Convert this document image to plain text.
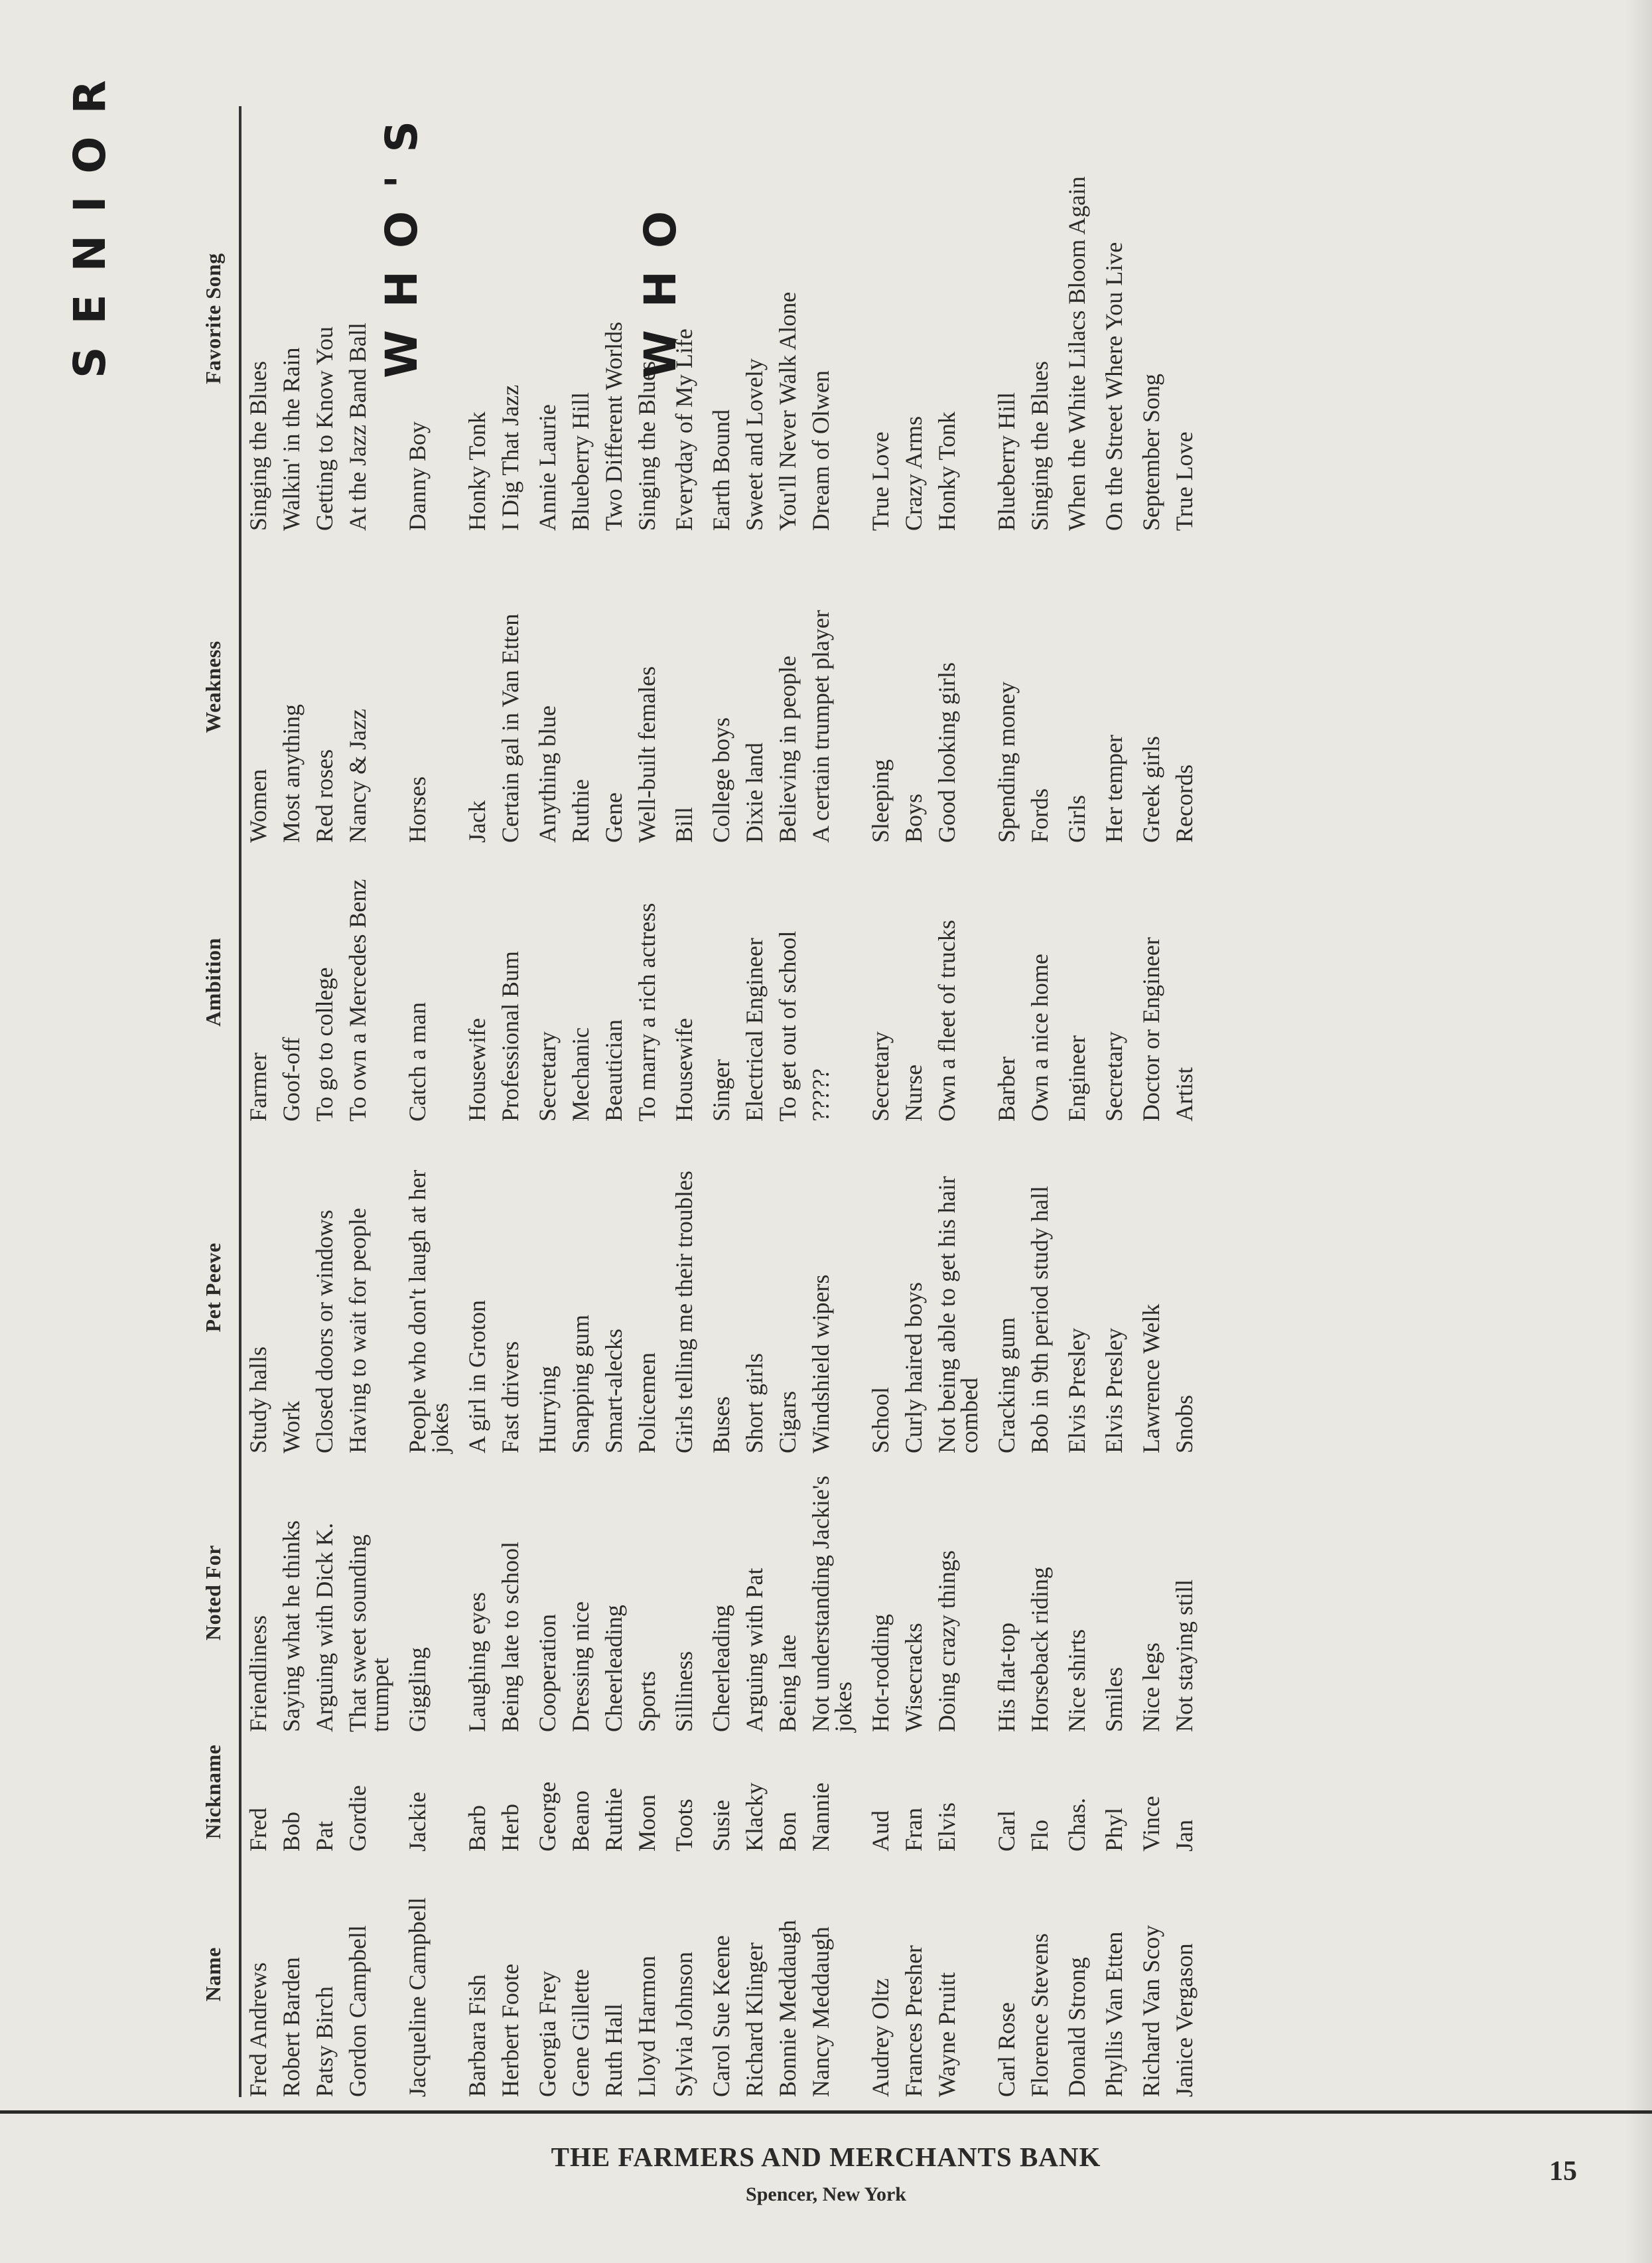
Name	Nickname	Noted For	Pet Peeve	Ambition	Weakness	Favorite Song
Fred Andrews	Fred	Friendliness	Study halls	Farmer	Women	Singing the Blues
Robert Barden	Bob	Saying what he thinks	Work	Goof-off	Most anything	Walkin' in the Rain
Patsy Birch	Pat	Arguing with Dick K.	Closed doors or windows	To go to college	Red roses	Getting to Know You
Gordon Campbell	Gordie	That sweet sounding trumpet	Having to wait for people	To own a Mercedes Benz	Nancy & Jazz	At the Jazz Band Ball
Jacqueline Campbell	Jackie	Giggling	People who don't laugh at her jokes	Catch a man	Horses	Danny Boy
Barbara Fish	Barb	Laughing eyes	A girl in Groton	Housewife	Jack	Honky Tonk
Herbert Foote	Herb	Being late to school	Fast drivers	Professional Bum	Certain gal in Van Etten	I Dig That Jazz
Georgia Frey	George	Cooperation	Hurrying	Secretary	Anything blue	Annie Laurie
Gene Gillette	Beano	Dressing nice	Snapping gum	Mechanic	Ruthie	Blueberry Hill
Ruth Hall	Ruthie	Cheerleading	Smart-alecks	Beautician	Gene	Two Different Worlds
Lloyd Harmon	Moon	Sports	Policemen	To marry a rich actress	Well-built females	Singing the Blues
Sylvia Johnson	Toots	Silliness	Girls telling me their troubles	Housewife	Bill	Everyday of My Life
Carol Sue Keene	Susie	Cheerleading	Buses	Singer	College boys	Earth Bound
Richard Klinger	Klacky	Arguing with Pat	Short girls	Electrical Engineer	Dixie land	Sweet and Lovely
Bonnie Meddaugh	Bon	Being late	Cigars	To get out of school	Believing in people	You'll Never Walk Alone
Nancy Meddaugh	Nannie	Not understanding Jackie's jokes	Windshield wipers	?????	A certain trumpet player	Dream of Olwen
Audrey Oltz	Aud	Hot-rodding	School	Secretary	Sleeping	True Love
Frances Presher	Fran	Wisecracks	Curly haired boys	Nurse	Boys	Crazy Arms
Wayne Pruitt	Elvis	Doing crazy things	Not being able to get his hair combed	Own a fleet of trucks	Good looking girls	Honky Tonk
Carl Rose	Carl	His flat-top	Cracking gum	Barber	Spending money	Blueberry Hill
Florence Stevens	Flo	Horseback riding	Bob in 9th period study hall	Own a nice home	Fords	Singing the Blues
Donald Strong	Chas.	Nice shirts	Elvis Presley	Engineer	Girls	When the White Lilacs Bloom Again
Phyllis Van Etten	Phyl	Smiles	Elvis Presley	Secretary	Her temper	On the Street Where You Live
Richard Van Scoy	Vince	Nice legs	Lawrence Welk	Doctor or Engineer	Greek girls	September Song
Janice Vergason	Jan	Not staying still	Snobs	Artist	Records	True Love
SENIOR	WHO'S	WHO
THE FARMERS AND MERCHANTS BANK
Spencer, New York
15
